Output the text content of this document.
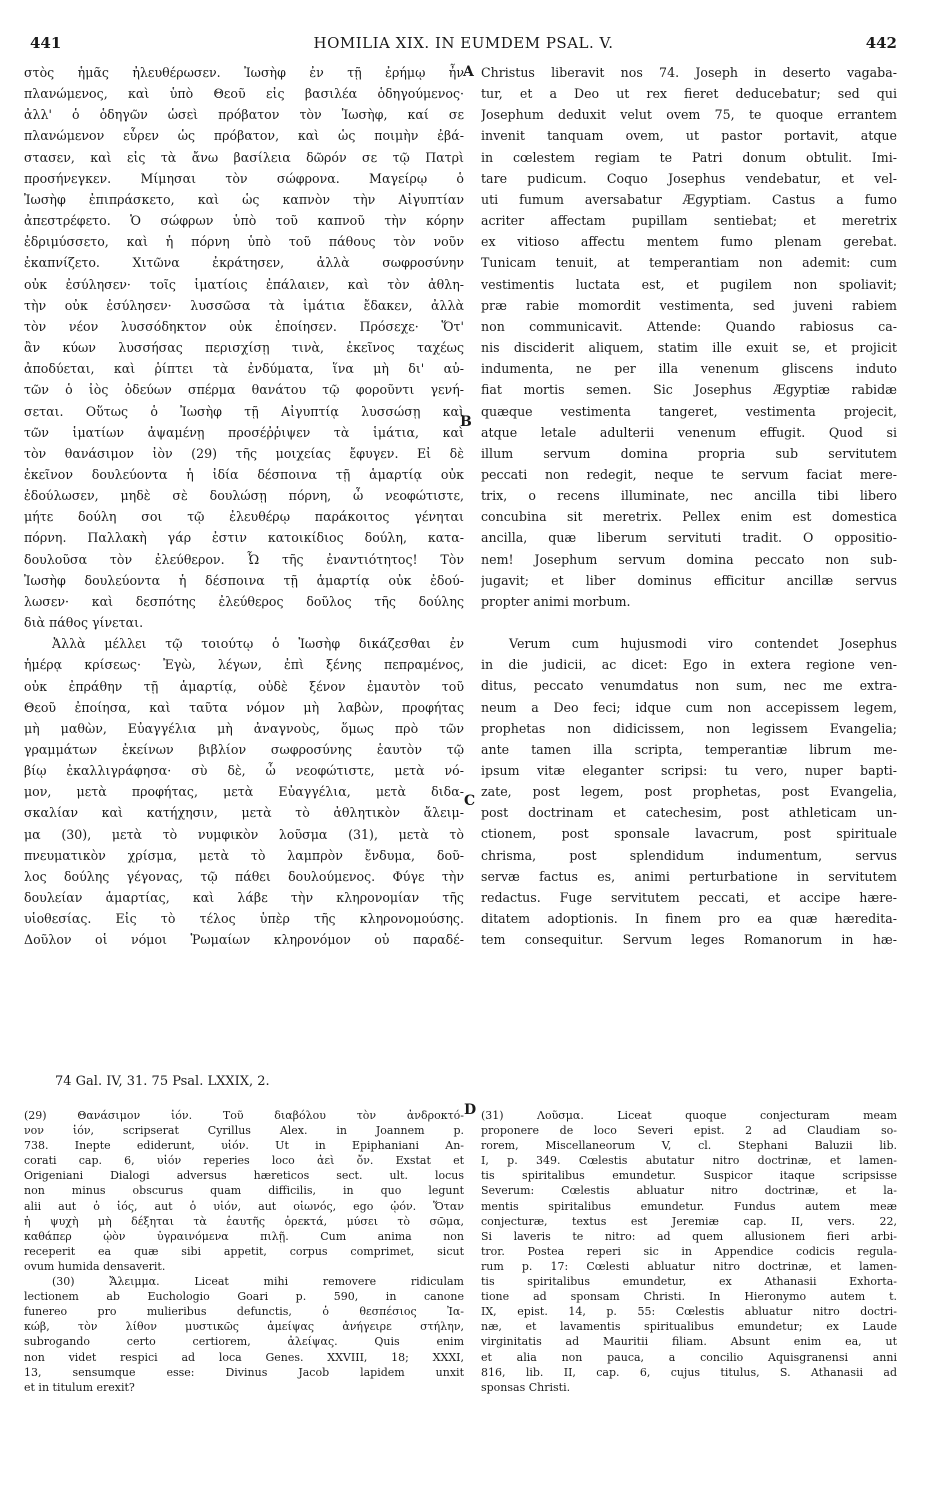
441	HOMILIA XIX. IN EUMDEM PSAL. V.	442
στὸς ἡμᾶς ἠλευθέρωσεν. Ἰωσὴφ ἐν τῇ ἐρήμῳ ἦν
πλανώμενος, καὶ ὑπὸ Θεοῦ εἰς βασιλέα ὁδηγούμενος·
ἀλλ' ὁ ὁδηγῶν ὡσεὶ πρόβατον τὸν Ἰωσὴφ, καί σε
πλανώμενον εὗρεν ὡς πρόβατον, καὶ ὡς ποιμὴν ἐβά-
στασεν, καὶ εἰς τὰ ἄνω βασίλεια δῶρόν σε τῷ Πατρὶ
προσήνεγκεν. Μίμησαι τὸν σώφρονα. Μαγείρῳ ὁ
Ἰωσὴφ ἐπιπράσκετο, καὶ ὡς καπνὸν τὴν Αἰγυπτίαν
ἀπεστρέφετο. Ὁ σώφρων ὑπὸ τοῦ καπνοῦ τὴν κόρην
ἐδριμύσσετο, καὶ ἡ πόρνη ὑπὸ τοῦ πάθους τὸν νοῦν
ἐκαπνίζετο. Χιτῶνα ἐκράτησεν, ἀλλὰ σωφροσύνην
οὐκ ἐσύλησεν· τοῖς ἱματίοις ἐπάλαιεν, καὶ τὸν ἀθλη-
τὴν οὐκ ἐσύλησεν· λυσσῶσα τὰ ἱμάτια ἔδακεν, ἀλλὰ
τὸν νέον λυσσόδηκτον οὐκ ἐποίησεν. Πρόσεχε· Ὅτ'
ἂν κύων λυσσήσας περισχίσῃ τινὰ, ἐκεῖνος ταχέως
ἀποδύεται, καὶ ῥίπτει τὰ ἐνδύματα, ἵνα μὴ δι' αὐ-
τῶν ὁ ἰὸς ὀδεύων σπέρμα θανάτου τῷ φοροῦντι γενή-
σεται. Οὕτως ὁ Ἰωσὴφ τῇ Αἰγυπτίᾳ λυσσώσῃ καὶ
τῶν ἱματίων ἀψαμένῃ προσέῤῥιψεν τὰ ἱμάτια, καὶ
τὸν θανάσιμον ἰὸν (29) τῆς μοιχείας ἔφυγεν. Εἰ δὲ
ἐκεῖνον δουλεύοντα ἡ ἰδία δέσποινα τῇ ἁμαρτίᾳ οὐκ
ἐδούλωσεν, μηδὲ σὲ δουλώσῃ πόρνη, ὦ νεοφώτιστε,
μήτε δούλη σοι τῷ ἐλευθέρῳ παράκοιτος γένηται
πόρνη. Παλλακὴ γάρ ἐστιν κατοικίδιος δούλη, κατα-
δουλοῦσα τὸν ἐλεύθερον. Ὦ τῆς ἐναντιότητος! Τὸν
Ἰωσὴφ δουλεύοντα ἡ δέσποινα τῇ ἁμαρτίᾳ οὐκ ἐδού-
λωσεν· καὶ δεσπότης ἐλεύθερος δοῦλος τῆς δούλης
διὰ πάθος γίνεται.
Ἀλλὰ μέλλει τῷ τοιούτῳ ὁ Ἰωσὴφ δικάζεσθαι ἐν
ἡμέρᾳ κρίσεως· Ἐγὼ, λέγων, ἐπὶ ξένης πεπραμένος,
οὐκ ἐπράθην τῇ ἁμαρτίᾳ, οὐδὲ ξένον ἐμαυτὸν τοῦ
Θεοῦ ἐποίησα, καὶ ταῦτα νόμον μὴ λαβὼν, προφήτας
μὴ μαθὼν, Εὐαγγέλια μὴ ἀναγνοὺς, ὅμως πρὸ τῶν
γραμμάτων ἐκείνων βιβλίον σωφροσύνης ἑαυτὸν τῷ
βίῳ ἐκαλλιγράφησα· σὺ δὲ, ὦ νεοφώτιστε, μετὰ νό-
μον, μετὰ προφήτας, μετὰ Εὐαγγέλια, μετὰ διδα-
σκαλίαν καὶ κατήχησιν, μετὰ τὸ ἀθλητικὸν ἄλειμ-
μα (30), μετὰ τὸ νυμφικὸν λοῦσμα (31), μετὰ τὸ
πνευματικὸν χρίσμα, μετὰ τὸ λαμπρὸν ἔνδυμα, δοῦ-
λος δούλης γέγονας, τῷ πάθει δουλούμενος. Φύγε τὴν
δουλείαν ἁμαρτίας, καὶ λάβε τὴν κληρονομίαν τῆς
υἱοθεσίας. Εἰς τὸ τέλος ὑπὲρ τῆς κληρονομούσης.
Δοῦλον οἱ νόμοι Ῥωμαίων κληρονόμον οὐ παραδέ-
Christus liberavit nos 74. Joseph in deserto vagaba-
tur, et a Deo ut rex fieret deducebatur; sed qui
Josephum deduxit velut ovem 75, te quoque errantem
invenit tanquam ovem, ut pastor portavit, atque
in cœlestem regiam te Patri donum obtulit. Imi-
tare pudicum. Coquo Josephus vendebatur, et vel-
uti fumum aversabatur Ægyptiam. Castus a fumo
acriter affectam pupillam sentiebat; et meretrix
ex vitioso affectu mentem fumo plenam gerebat.
Tunicam tenuit, at temperantiam non ademit: cum
vestimentis luctata est, et pugilem non spoliavit;
præ rabie momordit vestimenta, sed juveni rabiem
non communicavit. Attende: Quando rabiosus ca-
nis disciderit aliquem, statim ille exuit se, et projicit
indumenta, ne per illa venenum gliscens induto
fiat mortis semen. Sic Josephus Ægyptiæ rabidæ
quæque vestimenta tangeret, vestimenta projecit,
atque letale adulterii venenum effugit. Quod si
illum servum domina propria sub servitutem
peccati non redegit, neque te servum faciat mere-
trix, o recens illuminate, nec ancilla tibi libero
concubina sit meretrix. Pellex enim est domestica
ancilla, quæ liberum servituti tradit. O oppositio-
nem! Josephum servum domina peccato non sub-
jugavit; et liber dominus efficitur ancillæ servus
propter animi morbum.
Verum cum hujusmodi viro contendet Josephus
in die judicii, ac dicet: Ego in extera regione ven-
ditus, peccato venumdatus non sum, nec me extra-
neum a Deo feci; idque cum non accepissem legem,
prophetas non didicissem, non legissem Evangelia;
ante tamen illa scripta, temperantiæ librum me-
ipsum vitæ eleganter scripsi: tu vero, nuper bapti-
zate, post legem, post prophetas, post Evangelia,
post doctrinam et catechesim, post athleticam un-
ctionem, post sponsale lavacrum, post spirituale
chrisma, post splendidum indumentum, servus
servæ factus es, animi perturbatione in servitutem
redactus. Fuge servitutem peccati, et accipe hære-
ditatem adoptionis. In finem pro ea quæ hæredita-
tem consequitur. Servum leges Romanorum in hæ-
A
B
C
D
74 Gal. IV, 31. 75 Psal. LXXIX, 2.
(29) Θανάσιμον ἰόν. Τοῦ διαβόλου τὸν ἀνδροκτό-
νον ἰόν, scripserat Cyrillus Alex. in Joannem p.
738. Inepte ediderunt, υἱόν. Ut in Epiphaniani An-
corati cap. 6, υἱόν reperies loco ἀεὶ ὄν. Exstat et
Origeniani Dialogi adversus hæreticos sect. ult. locus
non minus obscurus quam difficilis, in quo legunt
alii aut ὁ ἰός, aut ὁ υἱόν, aut οἰωνός, ego ᾠόν. Ὅταν
ἡ ψυχὴ μὴ δέξηται τὰ ἑαυτῆς ὀρεκτά, μύσει τὸ σῶμα,
καθάπερ ᾠὸν ὑγραινόμενα πιλῇ. Cum anima non
receperit ea quæ sibi appetit, corpus comprimet, sicut
ovum humida densaverit.
(30) Ἄλειμμα. Liceat mihi removere ridiculam
lectionem ab Euchologio Goari p. 590, in canone
funereo pro mulieribus defunctis, ὁ θεσπέσιος Ἰα-
κώβ, τὸν λίθον μυστικῶς ἀμείψας ἀνήγειρε στήλην,
subrogando certo certiorem, ἀλείψας. Quis enim
non videt respici ad loca Genes. XXVIII, 18; XXXI,
13, sensumque esse: Divinus Jacob lapidem unxit
et in titulum erexit?
(31) Λοῦσμα. Liceat quoque conjecturam meam
proponere de loco Severi epist. 2 ad Claudiam so-
rorem, Miscellaneorum V, cl. Stephani Baluzii lib.
I, p. 349. Cœlestis abutatur nitro doctrinæ, et lamen-
tis spiritalibus emundetur. Suspicor itaque scripsisse
Severum: Cœlestis abluatur nitro doctrinæ, et la-
mentis spiritalibus emundetur. Fundus autem meæ
conjecturæ, textus est Jeremiæ cap. II, vers. 22,
Si laveris te nitro: ad quem allusionem fieri arbi-
tror. Postea reperi sic in Appendice codicis regula-
rum p. 17: Cœlesti abluatur nitro doctrinæ, et lamen-
tis spiritalibus emundetur, ex Athanasii Exhorta-
tione ad sponsam Christi. In Hieronymo autem t.
IX, epist. 14, p. 55: Cœlestis abluatur nitro doctri-
næ, et lavamentis spiritualibus emundetur; ex Laude
virginitatis ad Mauritii filiam. Absunt enim ea, ut
et alia non pauca, a concilio Aquisgranensi anni
816, lib. II, cap. 6, cujus titulus, S. Athanasii ad
sponsas Christi.
